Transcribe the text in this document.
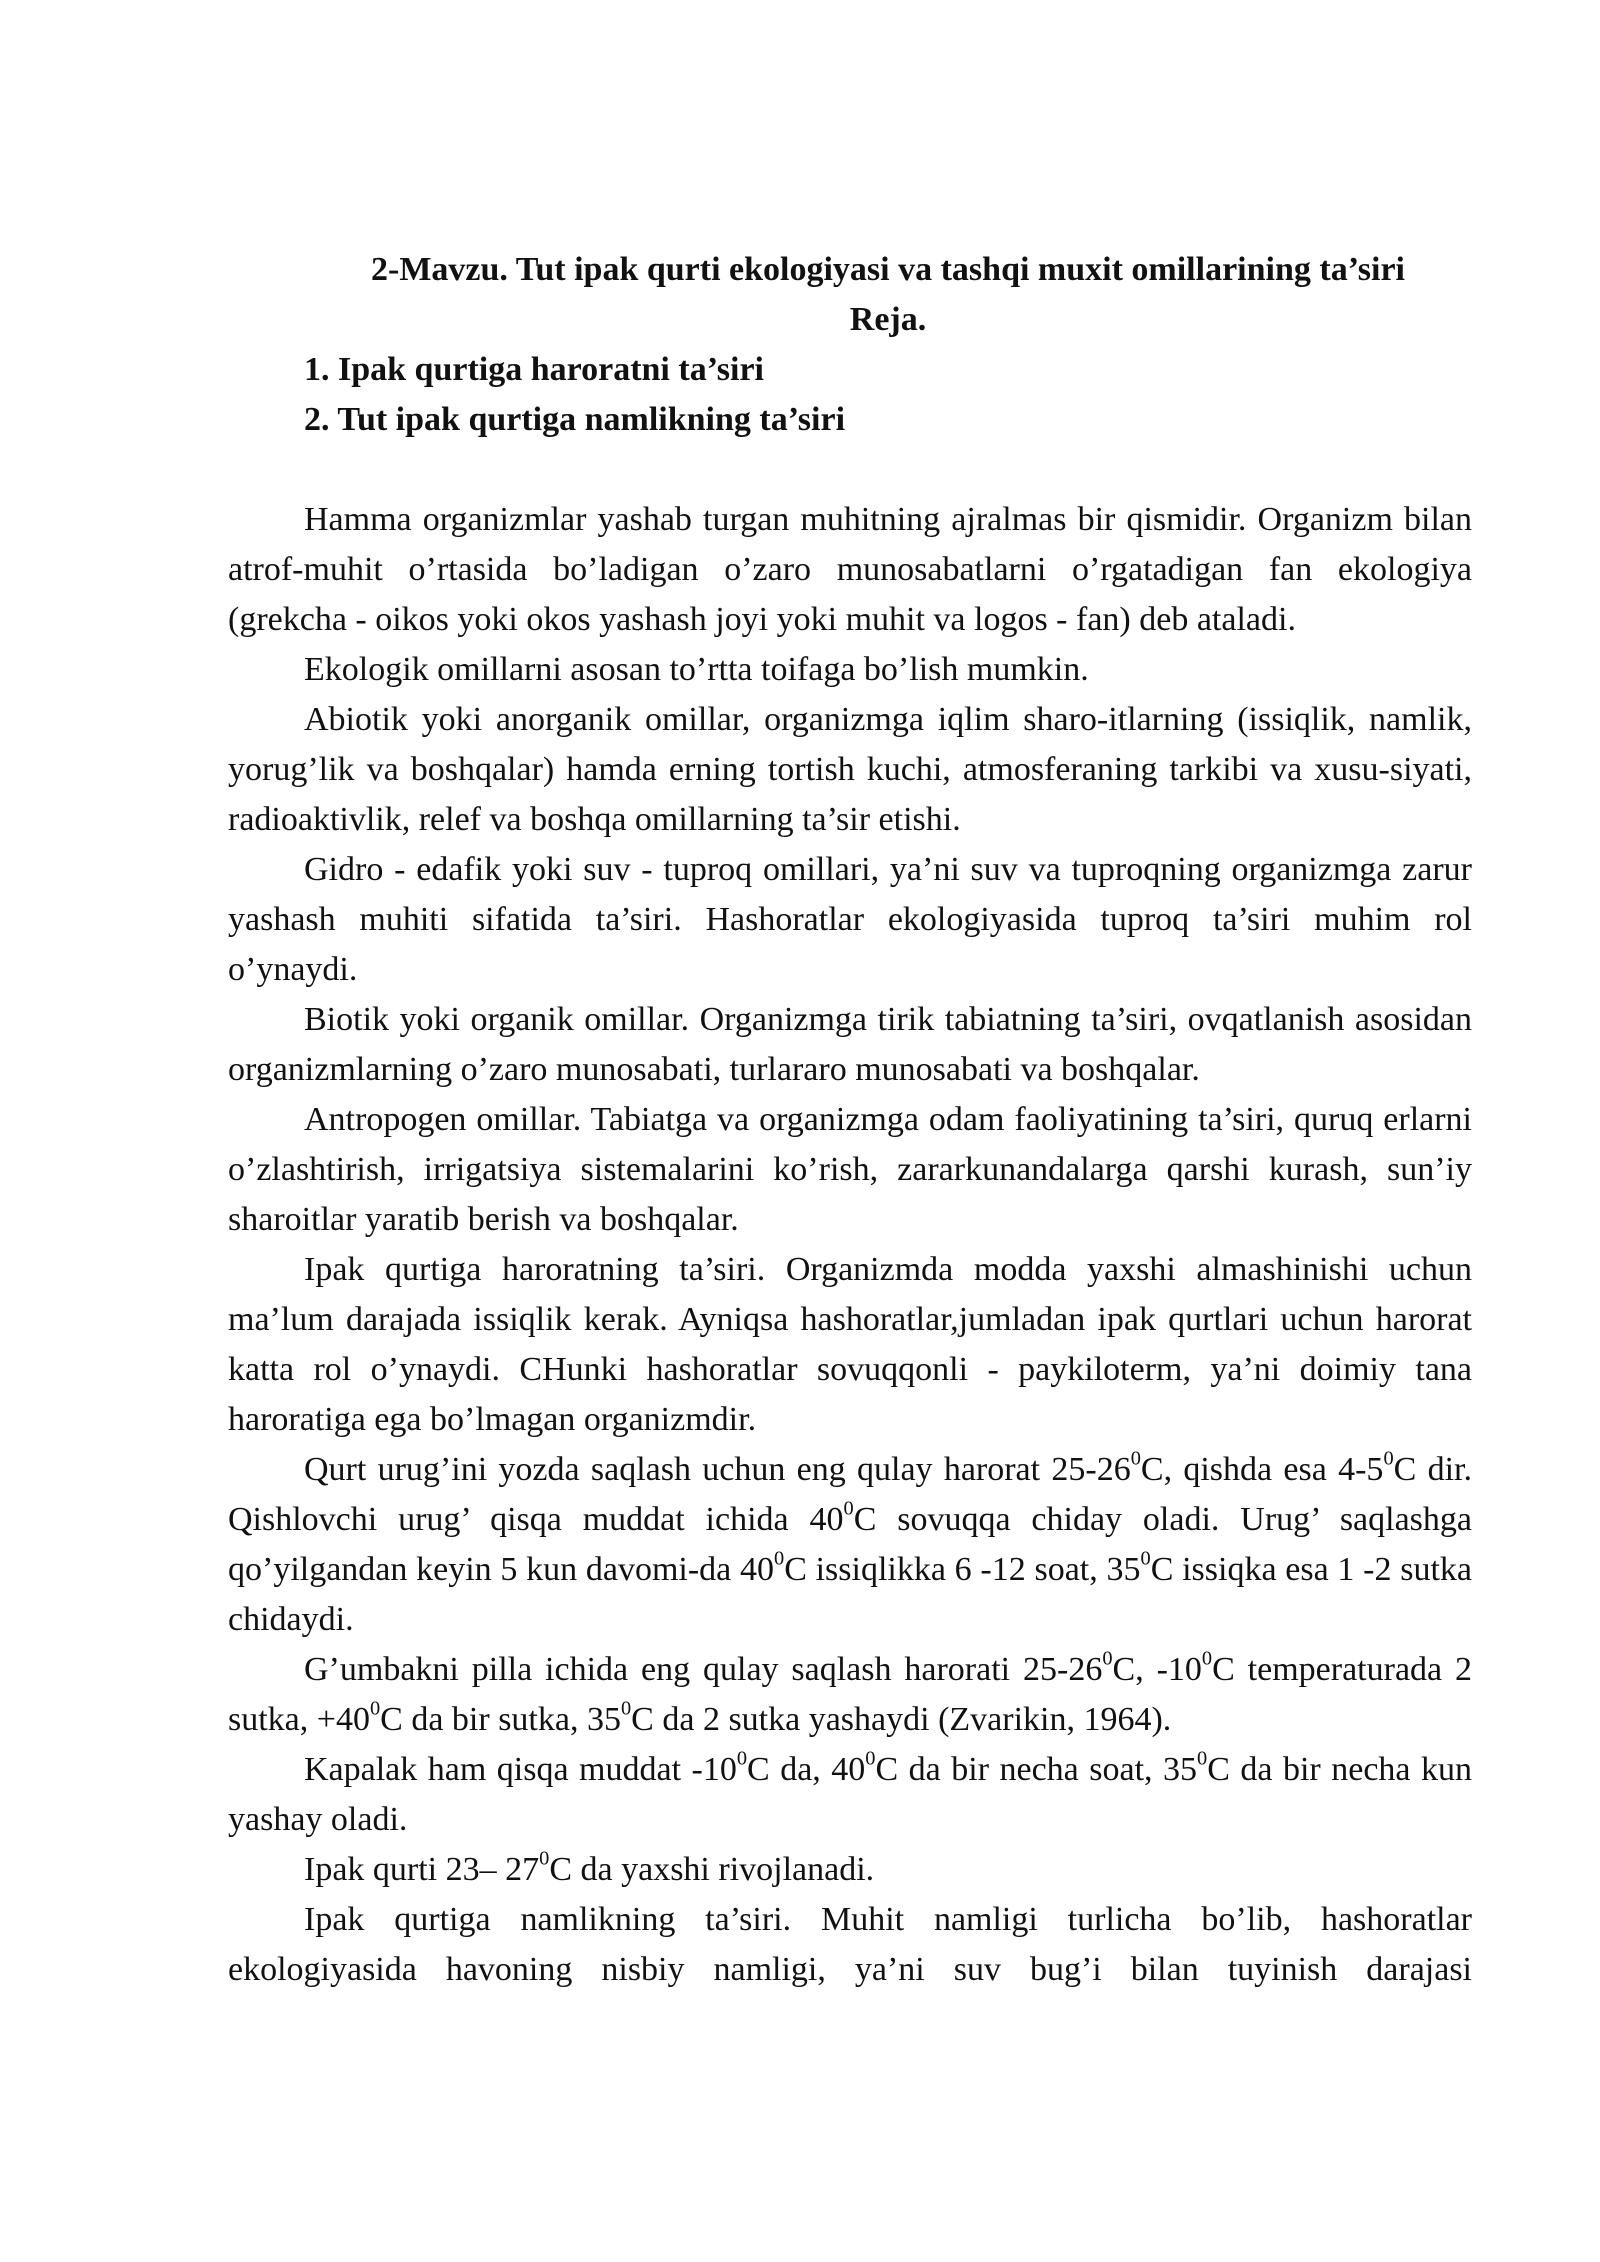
2-Mavzu. Tut ipak qurti ekologiyasi va tashqi muxit omillarining ta’siri

Reja.

1. Ipak qurtiga haroratni ta’siri
2. Tut ipak qurtiga namlikning ta’siri

Hamma organizmlar yashab turgan muhitning ajralmas bir qismidir. Organizm bilan atrof-muhit o’rtasida bo’ladigan o’zaro munosabatlarni o’rgatadigan fan ekologiya (grekcha - oikos yoki okos yashash joyi yoki muhit va logos - fan) deb ataladi.

Ekologik omillarni asosan to’rtta toifaga bo’lish mumkin.

Abiotik yoki anorganik omillar, organizmga iqlim sharo-itlarning (issiqlik, namlik, yorug’lik va boshqalar) hamda erning tortish kuchi, atmosferaning tarkibi va xusu-siyati, radioaktivlik, relef va boshqa omillarning ta’sir etishi.

Gidro - edafik yoki suv - tuproq omillari, ya’ni suv va tuproqning organizmga zarur yashash muhiti sifatida ta’siri. Hashoratlar ekologiyasida tuproq ta’siri muhim rol o’ynaydi.

Biotik yoki organik omillar. Organizmga tirik tabiatning ta’siri, ovqatlanish asosidan organizmlarning o’zaro munosabati, turlararo munosabati va boshqalar.

Antropogen omillar. Tabiatga va organizmga odam faoliyatining ta’siri, quruq erlarni o’zlashtirish, irrigatsiya sistemalarini ko’rish, zararkunandalarga qarshi kurash, sun’iy sharoitlar yaratib berish va boshqalar.

Ipak qurtiga haroratning ta’siri. Organizmda modda yaxshi almashinishi uchun ma’lum darajada issiqlik kerak. Ayniqsa hashoratlar,jumladan ipak qurtlari uchun harorat katta rol o’ynaydi. CHunki hashoratlar sovuqqonli - paykiloterm, ya’ni doimiy tana haroratiga ega bo’lmagan organizmdir.

Qurt urug’ini yozda saqlash uchun eng qulay harorat $25-26^0C$, qishda esa $4-5^0C$ dir. Qishlovchi urug’ qisqa muddat ichida $40^0C$ sovuqqa chiday oladi. Urug’ saqlashga qo’yilgandan keyin 5 kun davomi-da $40^0C$ issiqlikka 6 -12 soat, $35^0C$ issiqka esa 1 -2 sutka chidaydi.

G’umbakni pilla ichida eng qulay saqlash harorati $25-26^0C$, $-10^0C$ temperaturada 2 sutka, $+40^0C$ da bir sutka, $35^0C$ da 2 sutka yashaydi (Zvarikin, 1964).

Kapalak ham qisqa muddat $-10^0C$ da, $40^0C$ da bir necha soat, $35^0C$ da bir necha kun yashay oladi.

Ipak qurti 23– $27^0C$ da yaxshi rivojlanadi.

Ipak qurtiga namlikning ta’siri. Muhit namligi turlicha bo’lib, hashoratlar ekologiyasida havoning nisbiy namligi, ya’ni suv bug’i bilan tuyinish darajasi
